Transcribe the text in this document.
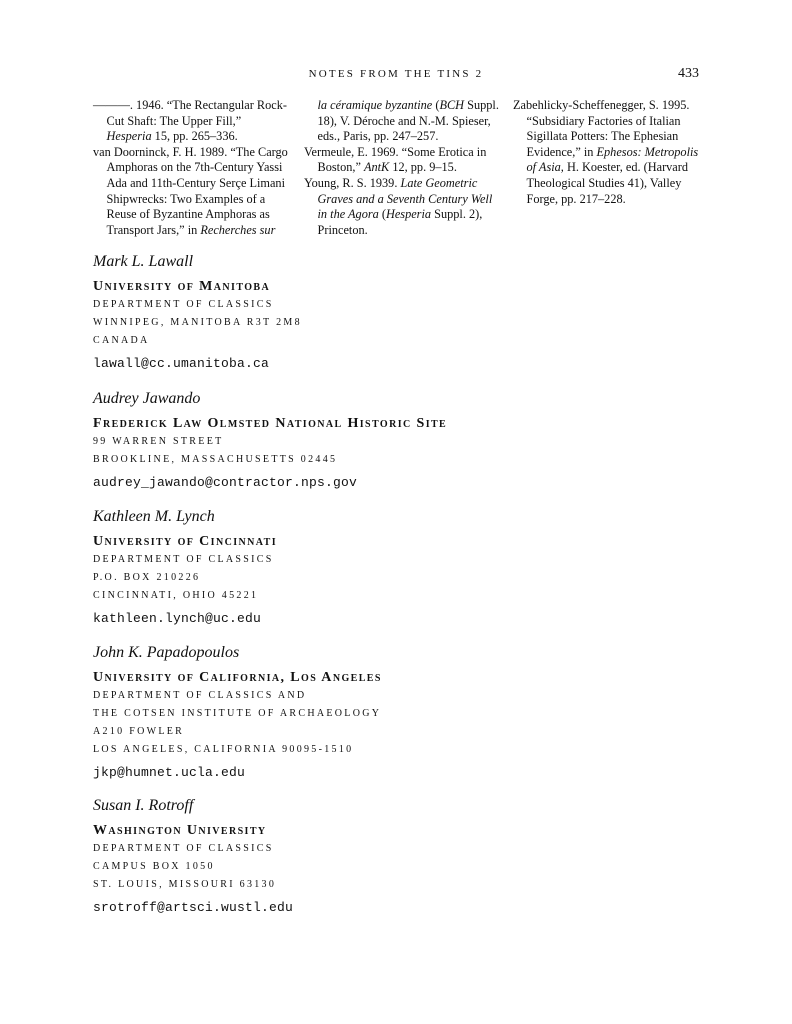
NOTES FROM THE TINS 2	433

———. 1946. “The Rectangular Rock-Cut Shaft: The Upper Fill,” Hesperia 15, pp. 265–336.

van Doorninck, F. H. 1989. “The Cargo Amphoras on the 7th-Century Yassi Ada and 11th-Century Serçe Limani Shipwrecks: Two Examples of a Reuse of Byzantine Amphoras as Transport Jars,” in Recherches sur

la céramique byzantine (BCH Suppl. 18), V. Déroche and N.-M. Spieser, eds., Paris, pp. 247–257.

Vermeule, E. 1969. “Some Erotica in Boston,” AntK 12, pp. 9–15.

Young, R. S. 1939. Late Geometric Graves and a Seventh Century Well in the Agora (Hesperia Suppl. 2), Princeton.

Zabehlicky-Scheffenegger, S. 1995. “Subsidiary Factories of Italian Sigillata Potters: The Ephesian Evidence,” in Ephesos: Metropolis of Asia, H. Koester, ed. (Harvard Theological Studies 41), Valley Forge, pp. 217–228.

Mark L. Lawall
University of Manitoba
DEPARTMENT OF CLASSICS
WINNIPEG, MANITOBA R3T 2M8
CANADA
lawall@cc.umanitoba.ca
Audrey Jawando
Frederick Law Olmsted National Historic Site
99 WARREN STREET
BROOKLINE, MASSACHUSETTS 02445
audrey_jawando@contractor.nps.gov
Kathleen M. Lynch
University of Cincinnati
DEPARTMENT OF CLASSICS
P.O. BOX 210226
CINCINNATI, OHIO 45221
kathleen.lynch@uc.edu
John K. Papadopoulos
University of California, Los Angeles
DEPARTMENT OF CLASSICS AND
THE COTSEN INSTITUTE OF ARCHAEOLOGY
A210 FOWLER
LOS ANGELES, CALIFORNIA 90095-1510
jkp@humnet.ucla.edu
Susan I. Rotroff
Washington University
DEPARTMENT OF CLASSICS
CAMPUS BOX 1050
ST. LOUIS, MISSOURI 63130
srotroff@artsci.wustl.edu
